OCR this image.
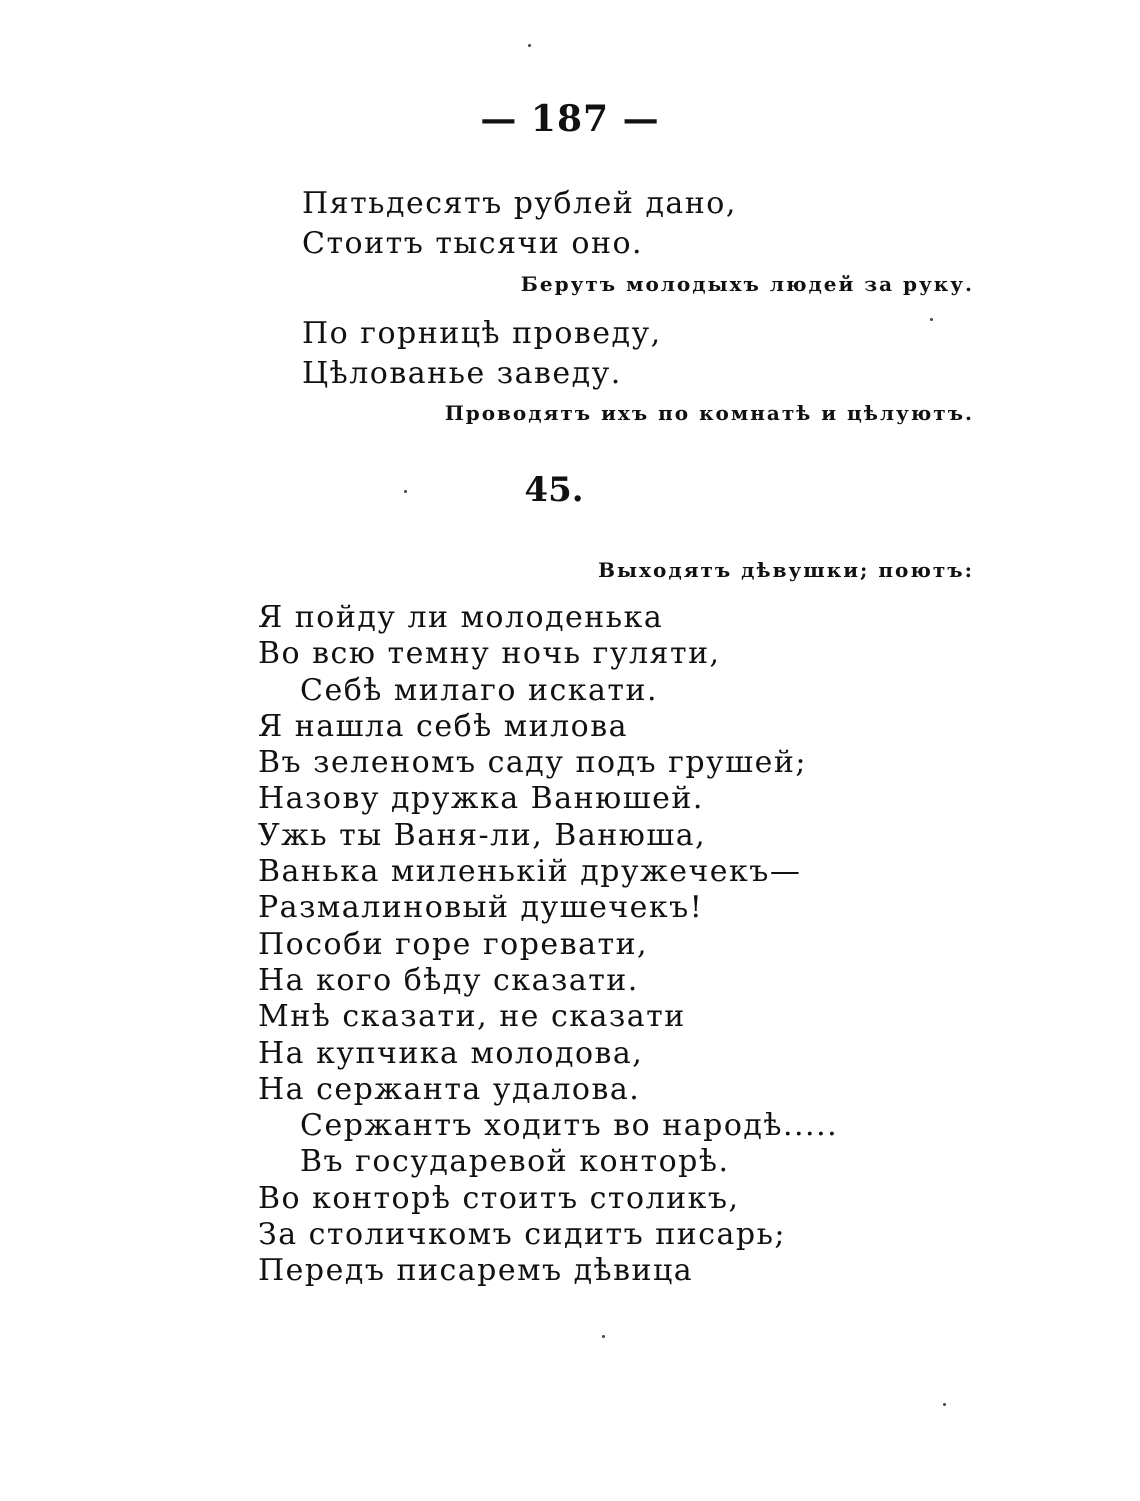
— 187 —
Пятьдесятъ рублей дано,
Стоитъ тысячи оно.
Берутъ молодыхъ людей за руку.
По горницѣ проведу,
Цѣлованье заведу.
Проводятъ ихъ по комнатѣ и цѣлуютъ.
45.
Выходятъ дѣвушки; поютъ:
Я пойду ли молоденька
Во всю темну ночь гуляти,
Себѣ милаго искати.
Я нашла себѣ милова
Въ зеленомъ саду подъ грушей;
Назову дружка Ванюшей.
Ужь ты Ваня-ли, Ванюша,
Ванька миленькій дружечекъ—
Размалиновый душечекъ!
Пособи горе горевати,
На кого бѣду сказати.
Мнѣ сказати, не сказати
На купчика молодова,
На сержанта удалова.
Сержантъ ходитъ во народѣ.....
Въ государевой конторѣ.
Во конторѣ стоитъ столикъ,
За столичкомъ сидитъ писарь;
Передъ писаремъ дѣвица
